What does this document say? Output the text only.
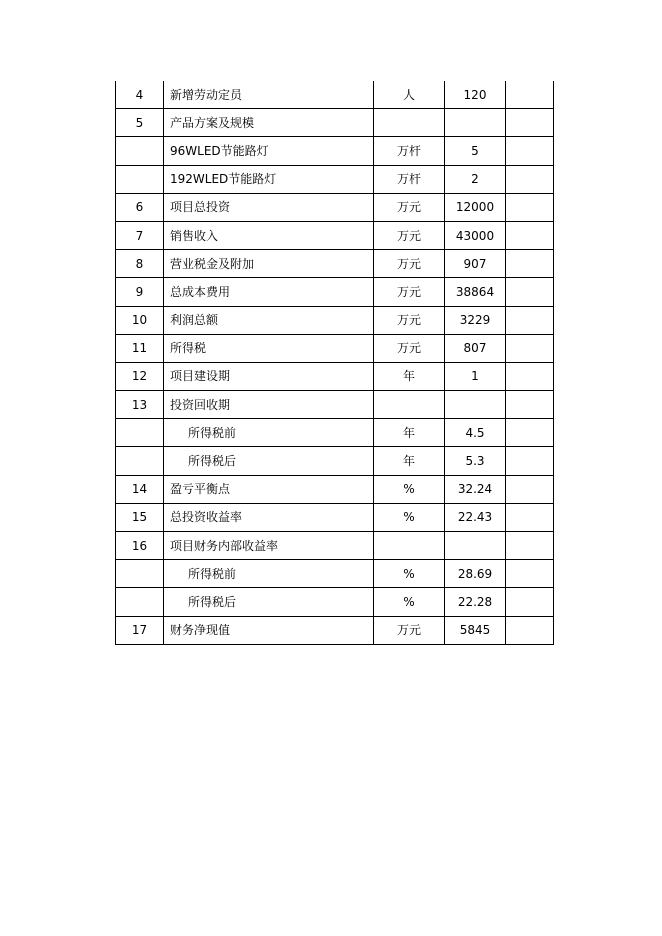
4	新增劳动定员	人	120	
5	产品方案及规模			
	96WLED节能路灯	万杆	5	
	192WLED节能路灯	万杆	2	
6	项目总投资	万元	12000	
7	销售收入	万元	43000	
8	营业税金及附加	万元	907	
9	总成本费用	万元	38864	
10	利润总额	万元	3229	
11	所得税	万元	807	
12	项目建设期	年	1	
13	投资回收期			
	所得税前	年	4.5	
	所得税后	年	5.3	
14	盈亏平衡点	%	32.24	
15	总投资收益率	%	22.43	
16	项目财务内部收益率			
	所得税前	%	28.69	
	所得税后	%	22.28	
17	财务净现值	万元	5845	
